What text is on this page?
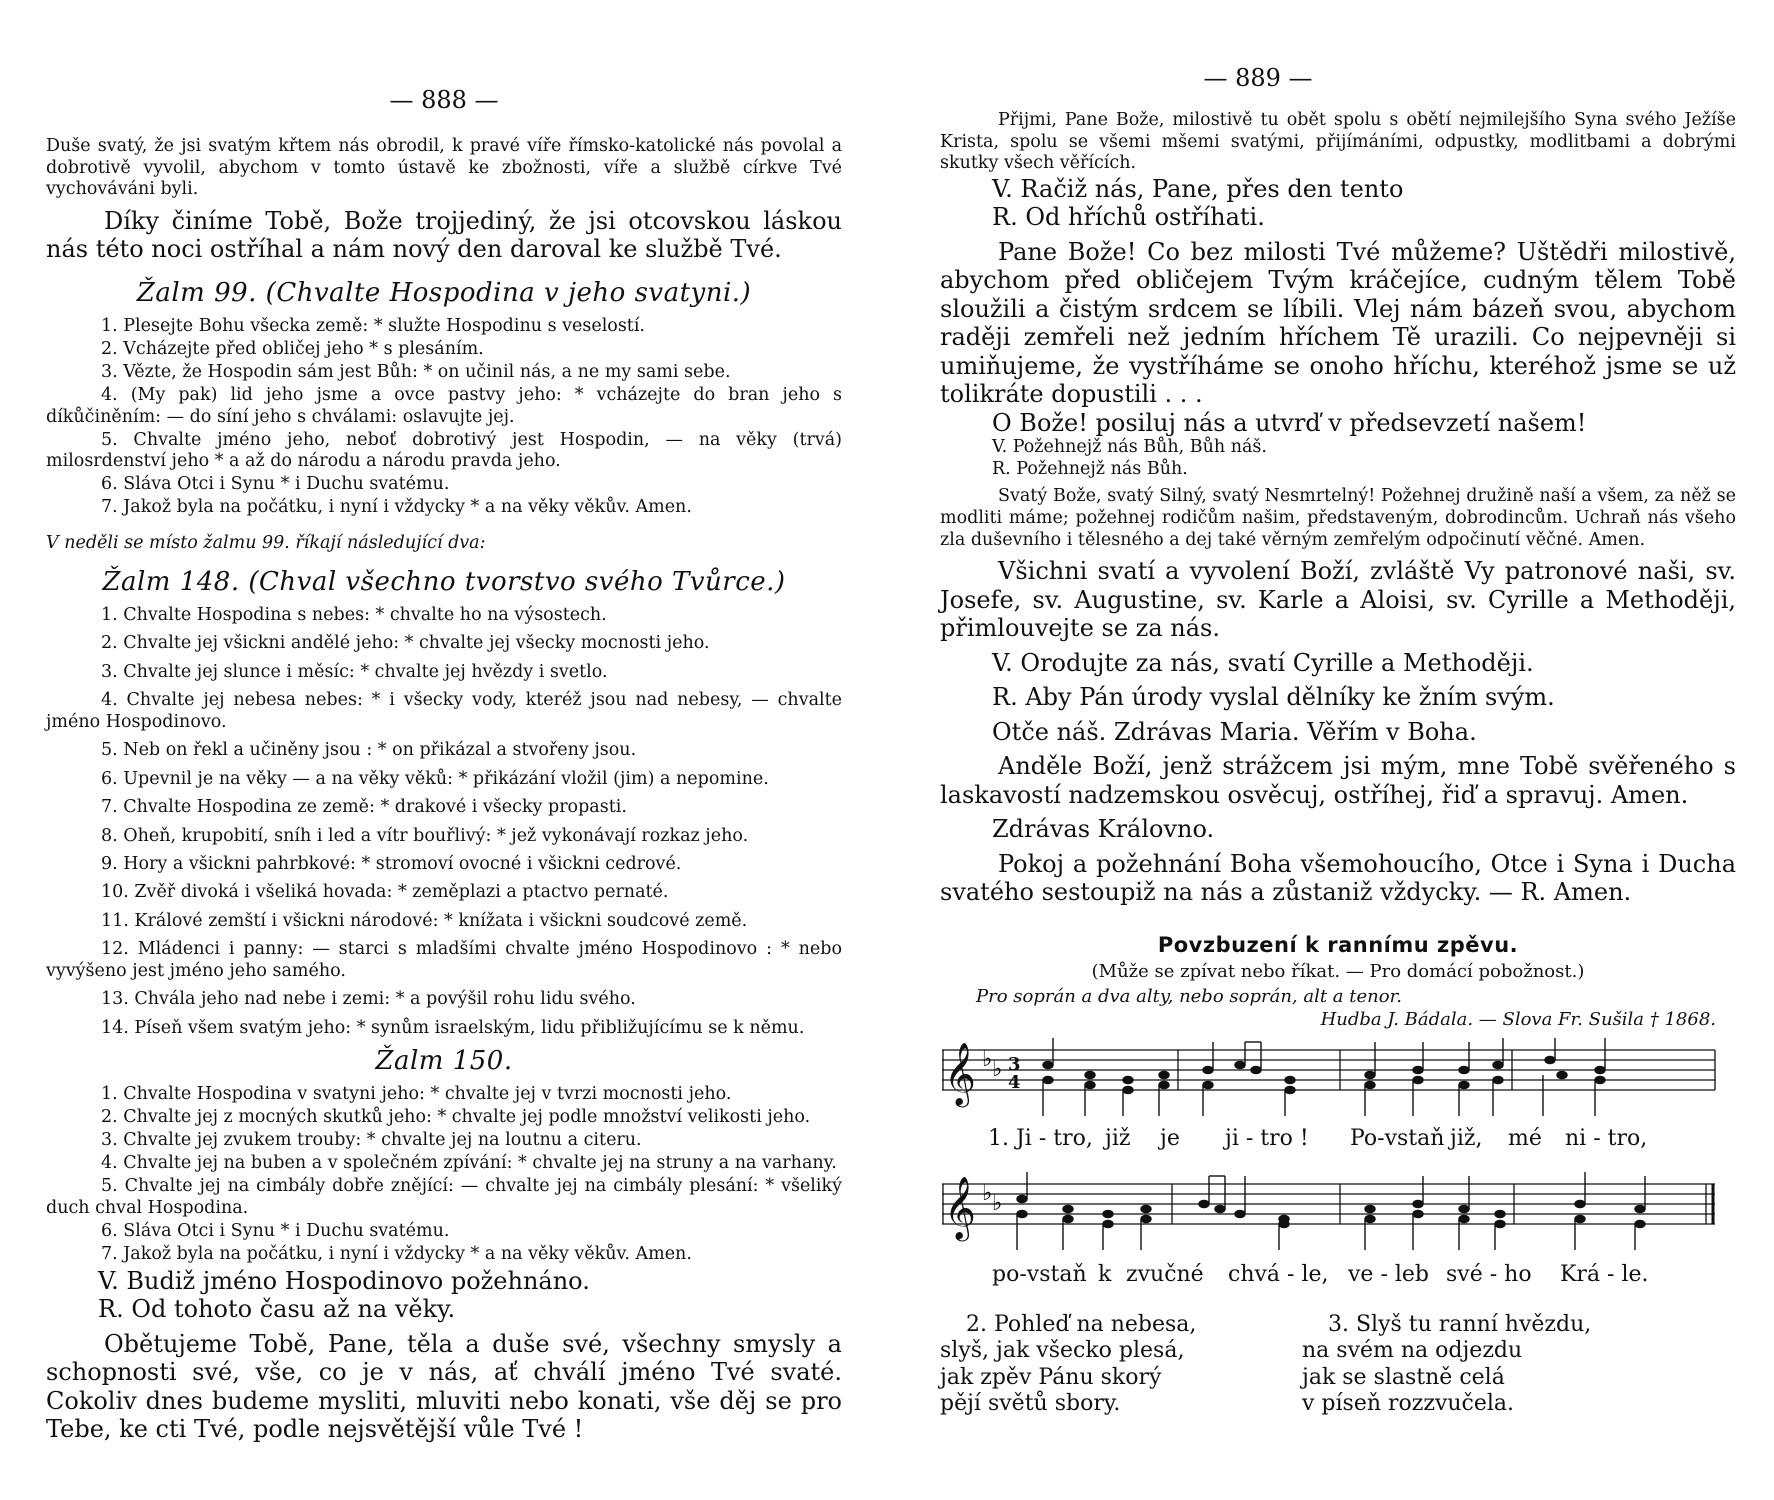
— 888 —

Duše svatý, že jsi svatým křtem nás obrodil, k pravé víře římsko-katolické nás povolal a dobrotivě vyvolil, abychom v tomto ústavě ke zbožnosti, víře a službě církve Tvé vychováváni byli.

Díky činíme Tobě, Bože trojjediný, že jsi otcovskou láskou nás této noci ostříhal a nám nový den daroval ke službě Tvé.

Žalm 99. (Chvalte Hospodina v jeho svatyni.)

1. Plesejte Bohu všecka země: * služte Hospodinu s veselostí.

2. Vcházejte před obličej jeho * s plesáním.

3. Vězte, že Hospodin sám jest Bůh: * on učinil nás, a ne my sami sebe.

4. (My pak) lid jeho jsme a ovce pastvy jeho: * vcházejte do bran jeho s díkůčiněním: — do síní jeho s chválami: oslavujte jej.

5. Chvalte jméno jeho, neboť dobrotivý jest Hospodin, — na věky (trvá) milosrdenství jeho * a až do národu a národu pravda jeho.

6. Sláva Otci i Synu * i Duchu svatému.

7. Jakož byla na počátku, i nyní i vždycky * a na věky věkův. Amen.

V neděli se místo žalmu 99. říkají následující dva:
Žalm 148. (Chval všechno tvorstvo svého Tvůrce.)

1. Chvalte Hospodina s nebes: * chvalte ho na výsostech.

2. Chvalte jej všickni andělé jeho: * chvalte jej všecky mocnosti jeho.

3. Chvalte jej slunce i měsíc: * chvalte jej hvězdy i svetlo.

4. Chvalte jej nebesa nebes: * i všecky vody, kteréž jsou nad nebesy, — chvalte jméno Hospodinovo.

5. Neb on řekl a učiněny jsou : * on přikázal a stvořeny jsou.

6. Upevnil je na věky — a na věky věků: * přikázání vložil (jim) a nepomine.

7. Chvalte Hospodina ze země: * drakové i všecky propasti.

8. Oheň, krupobití, sníh i led a vítr bouřlivý: * jež vykonávají rozkaz jeho.

9. Hory a všickni pahrbkové: * stromoví ovocné i všickni cedrové.

10. Zvěř divoká i všeliká hovada: * zeměplazi a ptactvo pernaté.

11. Králové zemští i všickni národové: * knížata i všickni soudcové země.

12. Mládenci i panny: — starci s mladšími chvalte jméno Hospodinovo : * nebo vyvýšeno jest jméno jeho samého.

13. Chvála jeho nad nebe i zemi: * a povýšil rohu lidu svého.

14. Píseň všem svatým jeho: * synům israelským, lidu přibližujícímu se k němu.

Žalm 150.

1. Chvalte Hospodina v svatyni jeho: * chvalte jej v tvrzi mocnosti jeho.

2. Chvalte jej z mocných skutků jeho: * chvalte jej podle množství velikosti jeho.

3. Chvalte jej zvukem trouby: * chvalte jej na loutnu a citeru.

4. Chvalte jej na buben a v společném zpívání: * chvalte jej na struny a na varhany.

5. Chvalte jej na cimbály dobře znějící: — chvalte jej na cimbály plesání: * všeliký duch chval Hospodina.

6. Sláva Otci i Synu * i Duchu svatému.

7. Jakož byla na počátku, i nyní i vždycky * a na věky věkův. Amen.

V. Budiž jméno Hospodinovo požehnáno.

R. Od tohoto času až na věky.

Obětujeme Tobě, Pane, těla a duše své, všechny smysly a schopnosti své, vše, co je v nás, ať chválí jméno Tvé svaté. Cokoliv dnes budeme mysliti, mluviti nebo konati, vše děj se pro Tebe, ke cti Tvé, podle nejsvětější vůle Tvé !

— 889 —

Přijmi, Pane Bože, milostivě tu obět spolu s obětí nejmilejšího Syna svého Ježíše Krista, spolu se všemi mšemi svatými, přijímáními, odpustky, modlitbami a dobrými skutky všech věřících.

V. Račiž nás, Pane, přes den tento

R. Od hříchů ostříhati.

Pane Bože! Co bez milosti Tvé můžeme? Uštědři milostivě, abychom před obličejem Tvým kráčejíce, cudným tělem Tobě sloužili a čistým srdcem se líbili. Vlej nám bázeň svou, abychom raději zemřeli než jedním hříchem Tě urazili. Co nejpevněji si umiňujeme, že vystříháme se onoho hříchu, kteréhož jsme se už tolikráte dopustili . . .

O Bože! posiluj nás a utvrď v předsevzetí našem!

V. Požehnejž nás Bůh, Bůh náš.

R. Požehnejž nás Bůh.

Svatý Bože, svatý Silný, svatý Nesmrtelný! Požehnej družině naší a všem, za něž se modliti máme; požehnej rodičům našim, představeným, dobrodincům. Uchraň nás všeho zla duševního i tělesného a dej také věrným zemřelým odpočinutí věčné. Amen.

Všichni svatí a vyvolení Boží, zvláště Vy patronové naši, sv. Josefe, sv. Augustine, sv. Karle a Aloisi, sv. Cyrille a Methoději, přimlouvejte se za nás.

V. Orodujte za nás, svatí Cyrille a Methoději.

R. Aby Pán úrody vyslal dělníky ke žním svým.

Otče náš. Zdrávas Maria. Věřím v Boha.

Anděle Boží, jenž strážcem jsi mým, mne Tobě svěřeného s laskavostí nadzemskou osvěcuj, ostříhej, řiď a spravuj. Amen.

Zdrávas Královno.

Pokoj a požehnání Boha všemohoucího, Otce i Syna i Ducha svatého sestoupiž na nás a zůstaniž vždycky. — R. Amen.

Povzbuzení k rannímu zpěvu.
(Může se zpívat nebo říkat. — Pro domácí pobožnost.)
Pro soprán a dva alty, nebo soprán, alt a tenor.
Hudba J. Bádala. — Slova Fr. Sušila † 1868.
𝄞 ♭ ♭ 3
4
1. Ji - tro, již je ji - tro ! Po-vstaň již, mé ni - tro,
𝄞 ♭ ♭
po-vstaň k zvučné chvá - le, ve - leb své - ho Krá - le.

2. Pohleď na nebesa,

slyš, jak všecko plesá,

jak zpěv Pánu skorý

pějí světů sbory.

3. Slyš tu ranní hvězdu,

na svém na odjezdu

jak se slastně celá

v píseň rozzvučela.
